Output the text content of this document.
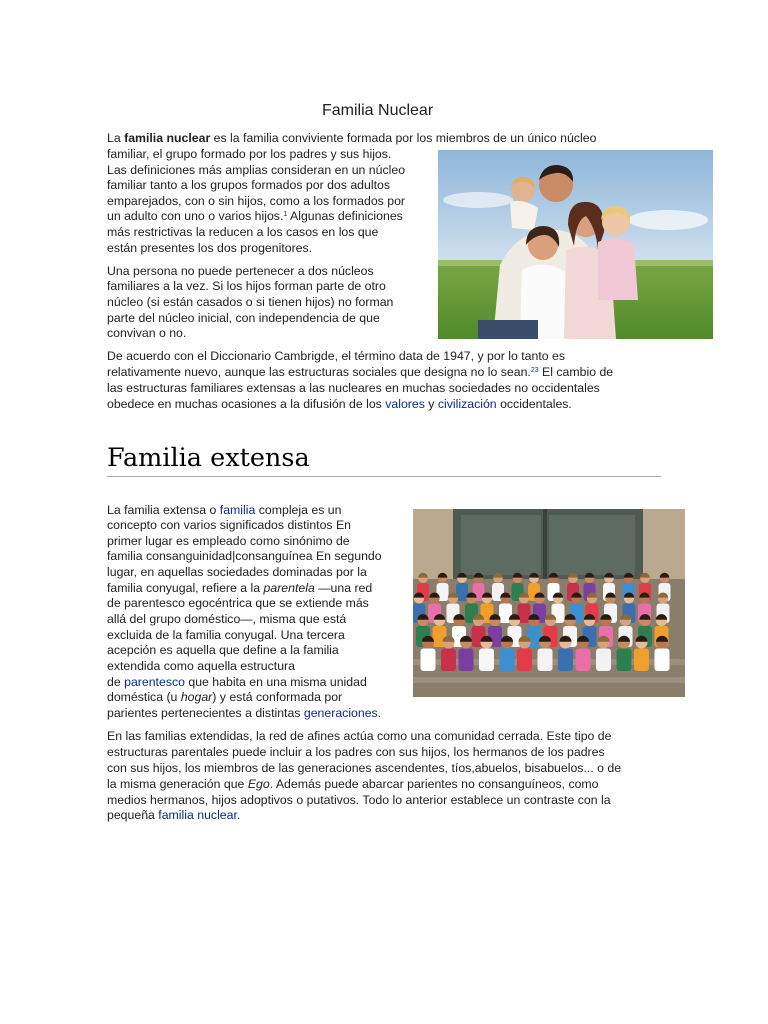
Familia Nuclear

La familia nuclear es la familia conviviente formada por los miembros de un único núcleo

familiar, el grupo formado por los padres y sus hijos.

Las definiciones más amplias consideran en un núcleo

familiar tanto a los grupos formados por dos adultos

emparejados, con o sin hijos, como a los formados por

un adulto con uno o varios hijos.$^1$ Algunas definiciones

más restrictivas la reducen a los casos en los que

están presentes los dos progenitores.

Una persona no puede pertenecer a dos núcleos

familiares a la vez. Si los hijos forman parte de otro

núcleo (si están casados o si tienen hijos) no forman

parte del núcleo inicial, con independencia de que

convivan o no.

De acuerdo con el Diccionario Cambrigde, el término data de 1947, y por lo tanto es

relativamente nuevo, aunque las estructuras sociales que designa no lo sean.$^{23}$ El cambio de

las estructuras familiares extensas a las nucleares en muchas sociedades no occidentales

obedece en muchas ocasiones a la difusión de los valores y civilización occidentales.

Familia extensa

La familia extensa o familia compleja es un

concepto con varios significados distintos En

primer lugar es empleado como sinónimo de

familia consanguinidad|consanguínea En segundo

lugar, en aquellas sociedades dominadas por la

familia conyugal, refiere a la parentela —una red

de parentesco egocéntrica que se extiende más

allá del grupo doméstico—, misma que está

excluida de la familia conyugal. Una tercera

acepción es aquella que define a la familia

extendida como aquella estructura

de parentesco que habita en una misma unidad

doméstica (u hogar) y está conformada por

parientes pertenecientes a distintas generaciones.

En las familias extendidas, la red de afines actúa como una comunidad cerrada. Este tipo de

estructuras parentales puede incluir a los padres con sus hijos, los hermanos de los padres

con sus hijos, los miembros de las generaciones ascendentes, tíos,abuelos, bisabuelos... o de

la misma generación que Ego. Además puede abarcar parientes no consanguíneos, como

medios hermanos, hijos adoptivos o putativos. Todo lo anterior establece un contraste con la

pequeña familia nuclear.
